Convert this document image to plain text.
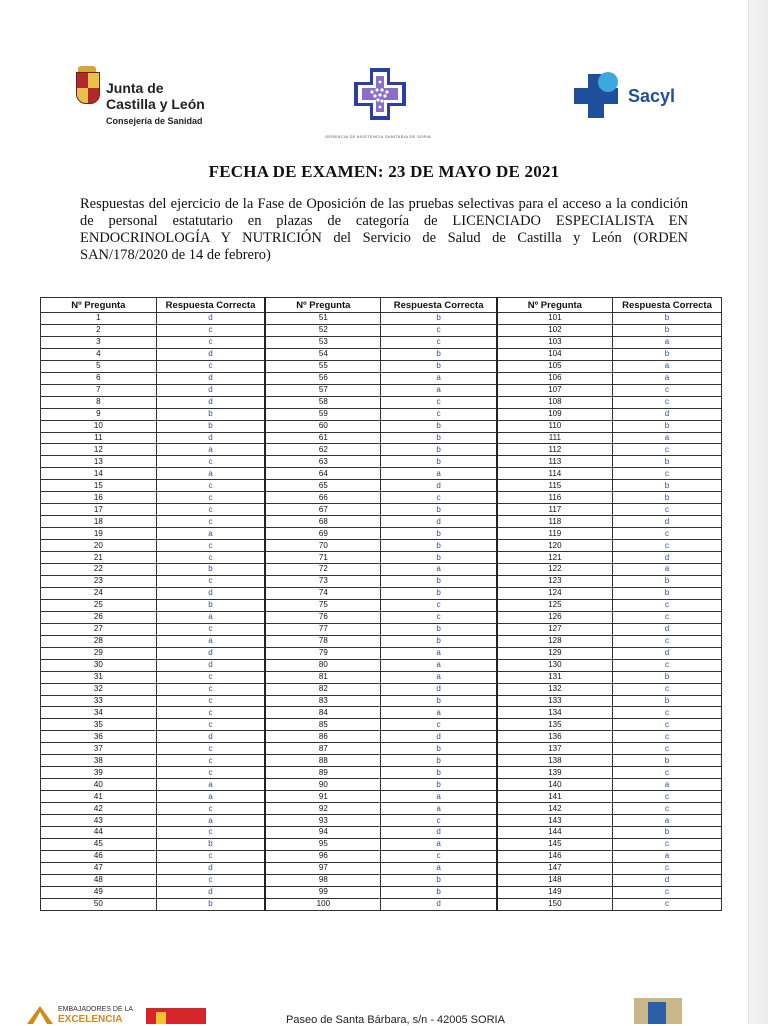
Junta de
Castilla y León
Consejería de Sanidad
GERENCIA DE ASISTENCIA SANITARIA DE SORIA
Sacyl
FECHA DE EXAMEN: 23 DE MAYO DE 2021

Respuestas del ejercicio de la Fase de Oposición de las pruebas selectivas para el acceso a la condición de personal estatutario en plazas de categoría de LICENCIADO ESPECIALISTA EN ENDOCRINOLOGÍA Y NUTRICIÓN del Servicio de Salud de Castilla y León (ORDEN SAN/178/2020 de 14 de febrero)

Nº Pregunta	Respuesta Correcta	Nº Pregunta	Respuesta Correcta	Nº Pregunta	Respuesta Correcta
1	d	51	b	101	b
2	c	52	c	102	b
3	c	53	c	103	a
4	d	54	b	104	b
5	c	55	b	105	a
6	d	56	a	106	a
7	d	57	a	107	c
8	d	58	c	108	c
9	b	59	c	109	d
10	b	60	b	110	b
11	d	61	b	111	a
12	a	62	b	112	c
13	c	63	b	113	b
14	a	64	a	114	c
15	c	65	d	115	b
16	c	66	c	116	b
17	c	67	b	117	c
18	c	68	d	118	d
19	a	69	b	119	c
20	c	70	b	120	c
21	c	71	b	121	d
22	b	72	a	122	a
23	c	73	b	123	b
24	d	74	b	124	b
25	b	75	c	125	c
26	a	76	c	126	c
27	c	77	b	127	d
28	a	78	b	128	c
29	d	79	a	129	d
30	d	80	a	130	c
31	c	81	a	131	b
32	c	82	d	132	c
33	c	83	b	133	b
34	c	84	a	134	c
35	c	85	c	135	c
36	d	86	d	136	c
37	c	87	b	137	c
38	c	88	b	138	b
39	c	89	b	139	c
40	a	90	b	140	a
41	a	91	a	141	c
42	c	92	a	142	c
43	a	93	c	143	a
44	c	94	d	144	b
45	b	95	a	145	c
46	c	96	c	146	a
47	d	97	a	147	c
48	c	98	b	148	d
49	d	99	b	149	c
50	b	100	d	150	c
EMBAJADORES DE LA
EXCELENCIA	Paseo de Santa Bárbara, s/n - 42005 SORIA
